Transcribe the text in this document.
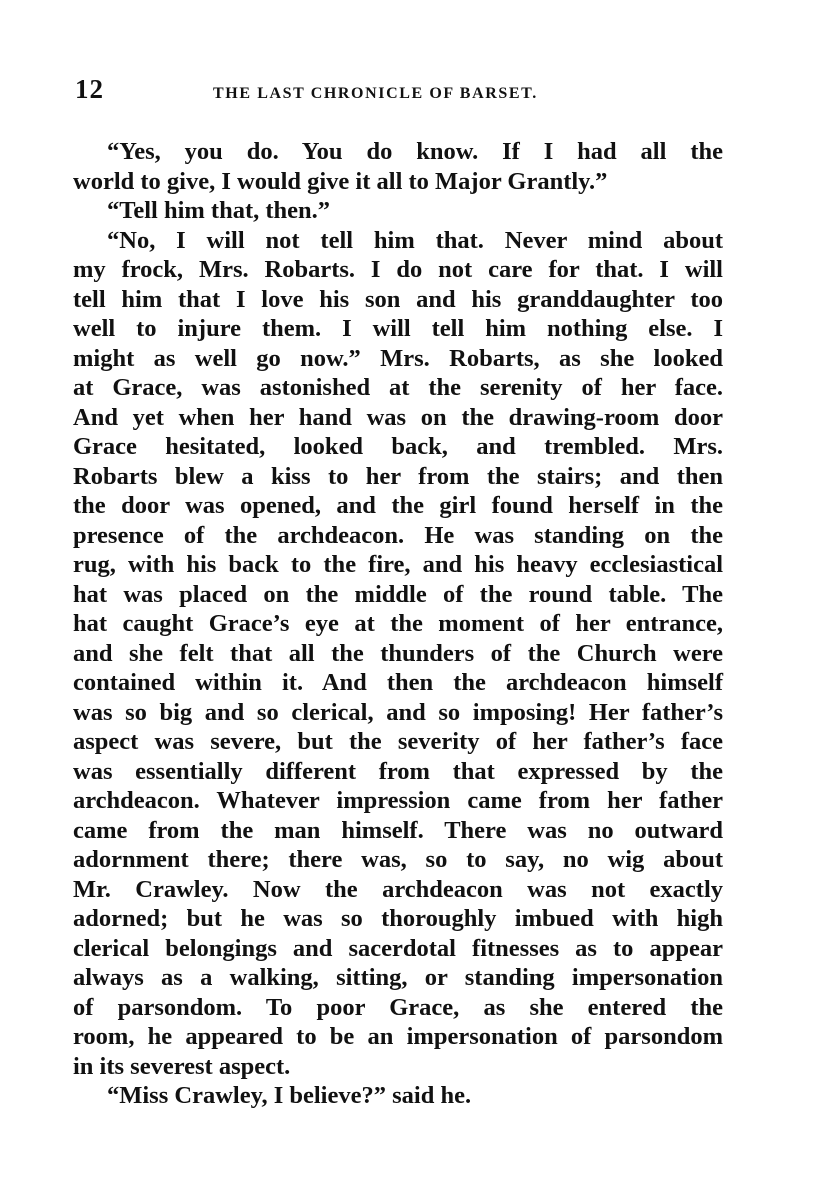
12	THE LAST CHRONICLE OF BARSET.
“Yes, you do. You do know. If I had all the
world to give, I would give it all to Major Grantly.”
“Tell him that, then.”
“No, I will not tell him that. Never mind about
my frock, Mrs. Robarts. I do not care for that. I will
tell him that I love his son and his granddaughter too
well to injure them. I will tell him nothing else. I
might as well go now.” Mrs. Robarts, as she looked
at Grace, was astonished at the serenity of her face.
And yet when her hand was on the drawing-room door
Grace hesitated, looked back, and trembled. Mrs.
Robarts blew a kiss to her from the stairs; and then
the door was opened, and the girl found herself in the
presence of the archdeacon. He was standing on the
rug, with his back to the fire, and his heavy ecclesiastical
hat was placed on the middle of the round table. The
hat caught Grace’s eye at the moment of her entrance,
and she felt that all the thunders of the Church were
contained within it. And then the archdeacon himself
was so big and so clerical, and so imposing! Her father’s
aspect was severe, but the severity of her father’s face
was essentially different from that expressed by the
archdeacon. Whatever impression came from her father
came from the man himself. There was no outward
adornment there; there was, so to say, no wig about
Mr. Crawley. Now the archdeacon was not exactly
adorned; but he was so thoroughly imbued with high
clerical belongings and sacerdotal fitnesses as to appear
always as a walking, sitting, or standing impersonation
of parsondom. To poor Grace, as she entered the
room, he appeared to be an impersonation of parsondom
in its severest aspect.
“Miss Crawley, I believe?” said he.
